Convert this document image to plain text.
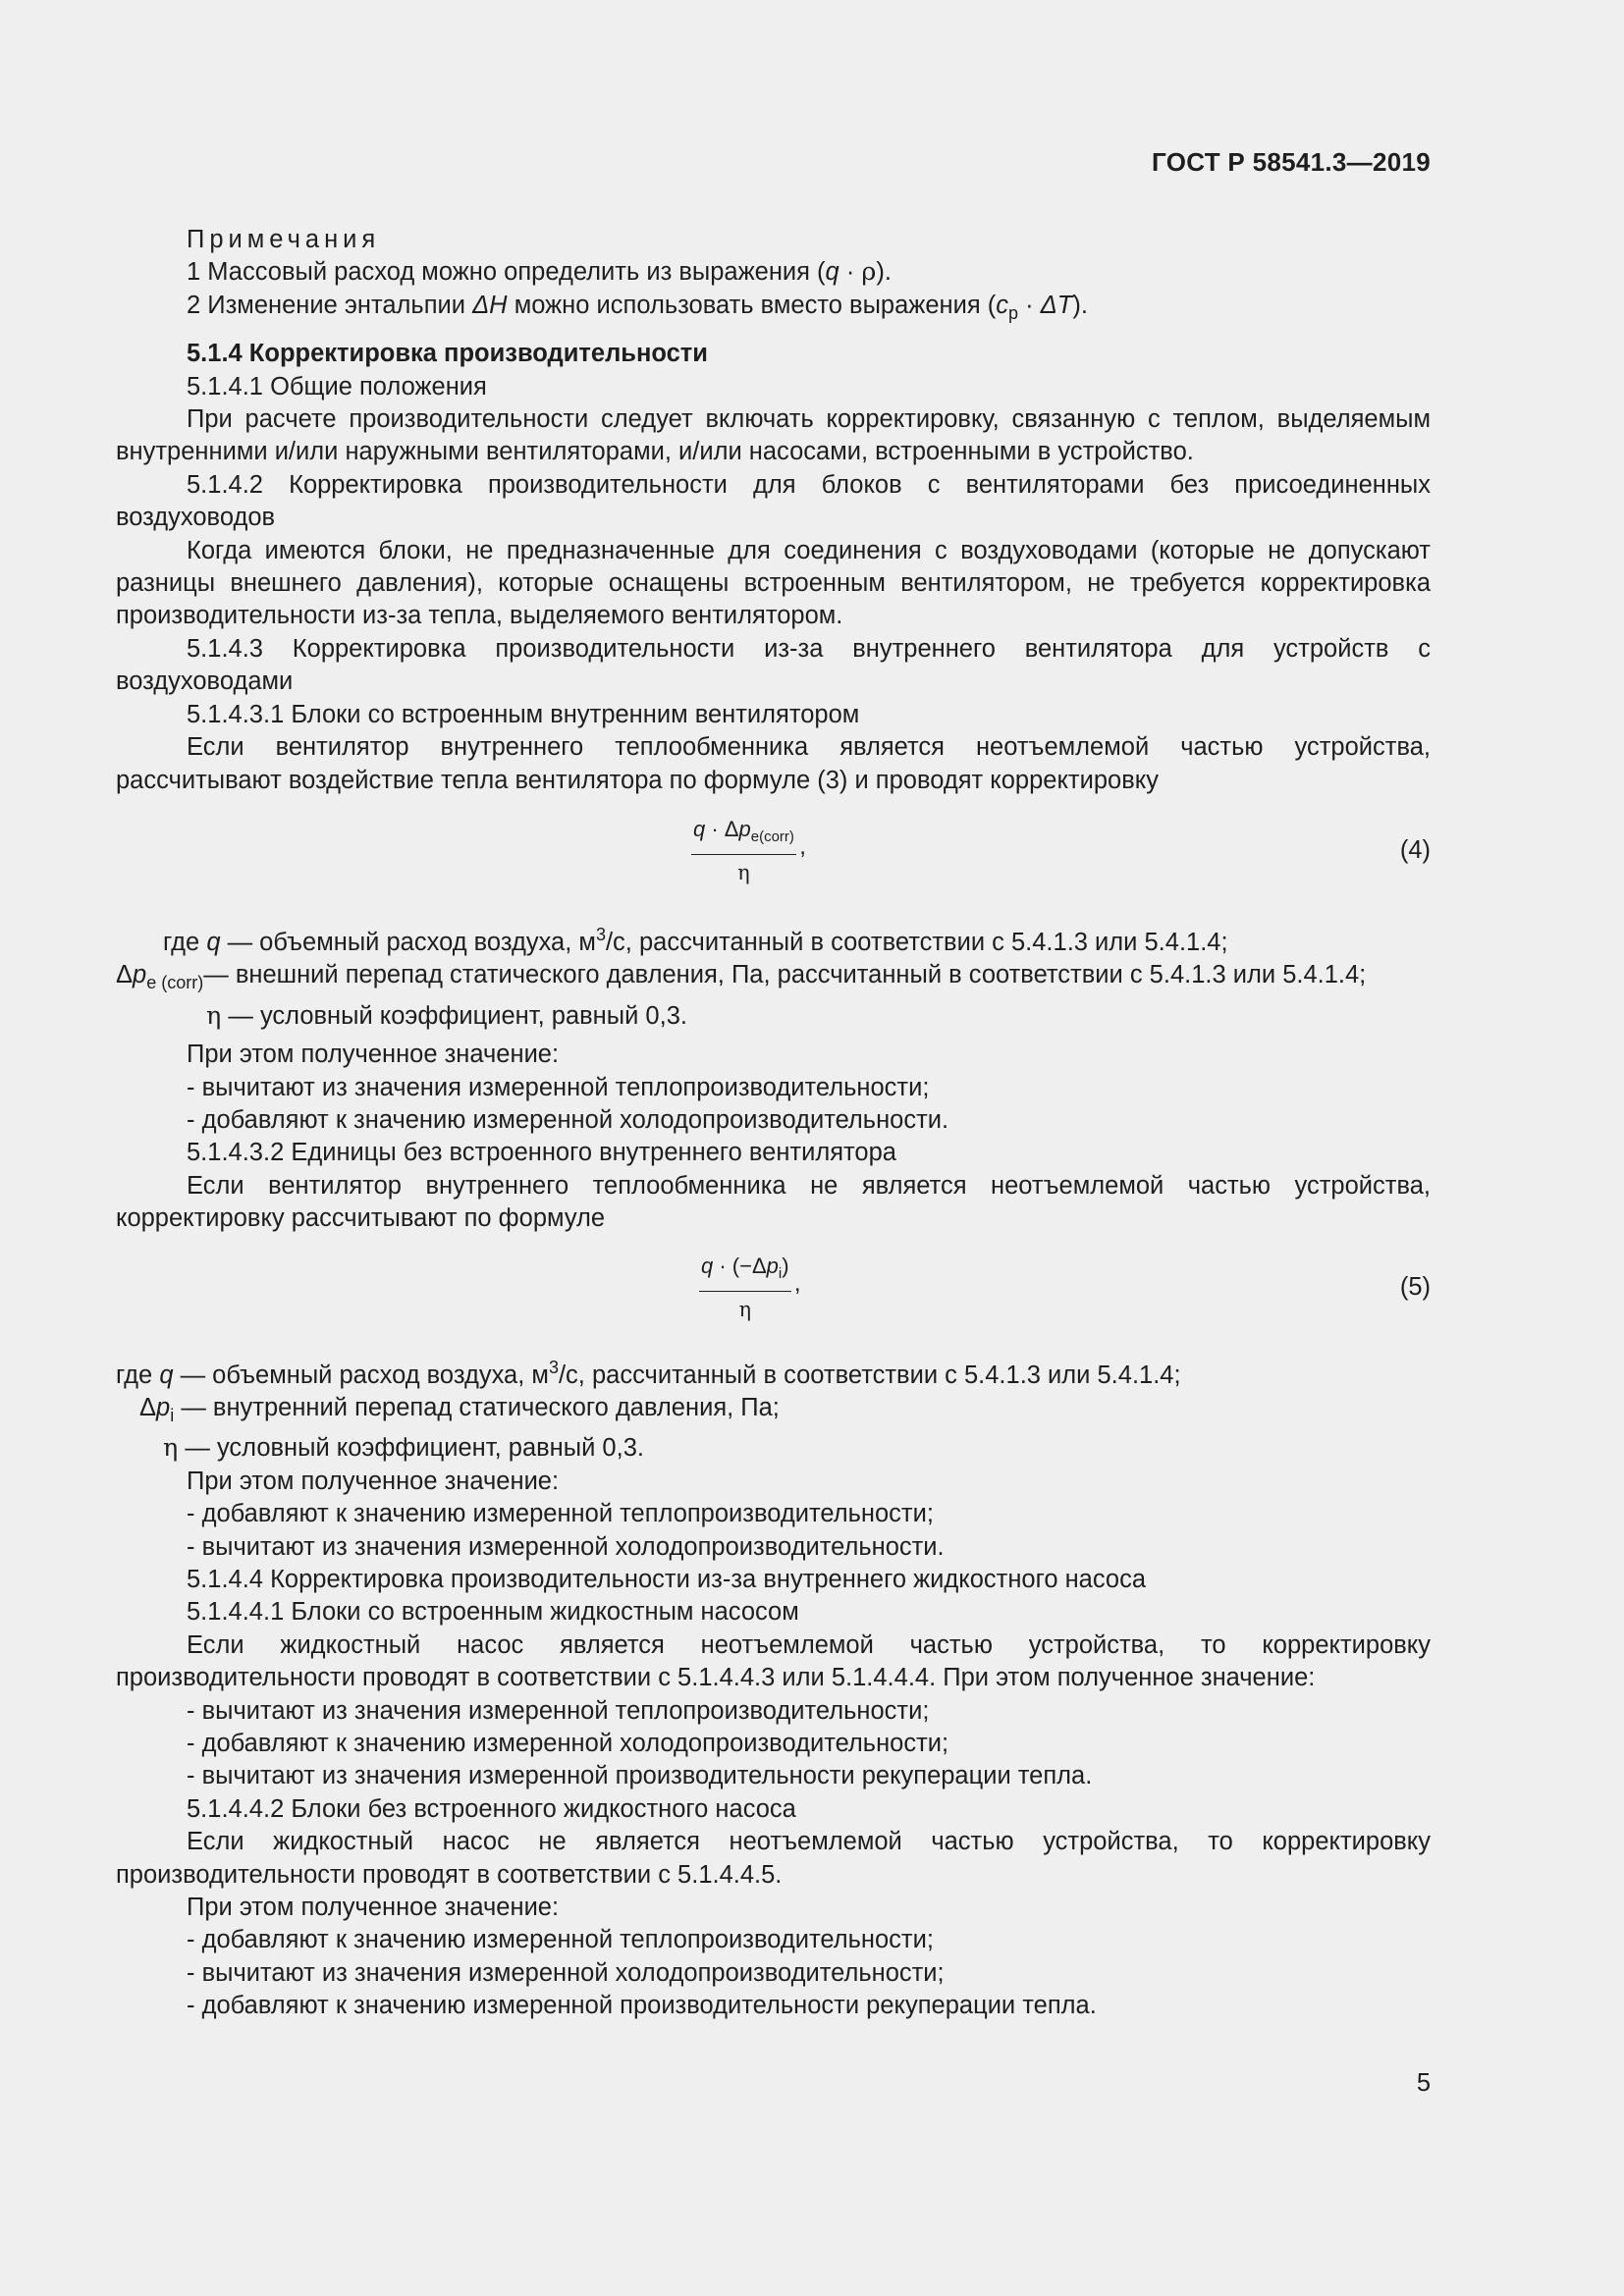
ГОСТ Р 58541.3—2019

Примечания

1 Массовый расход можно определить из выражения (q · ρ).

2 Изменение энтальпии ΔH можно использовать вместо выражения $(c_p \cdot \Delta T)$.

5.1.4 Корректировка производительности

5.1.4.1 Общие положения

При расчете производительности следует включать корректировку, связанную с теплом, выделяемым внутренними и/или наружными вентиляторами, и/или насосами, встроенными в устройство.

5.1.4.2 Корректировка производительности для блоков с вентиляторами без присоединенных воздуховодов

Когда имеются блоки, не предназначенные для соединения с воздуховодами (которые не допускают разницы внешнего давления), которые оснащены встроенным вентилятором, не требуется корректировка производительности из-за тепла, выделяемого вентилятором.

5.1.4.3 Корректировка производительности из-за внутреннего вентилятора для устройств с воздуховодами

5.1.4.3.1 Блоки со встроенным внутренним вентилятором

Если вентилятор внутреннего теплообменника является неотъемлемой частью устройства, рассчитывают воздействие тепла вентилятора по формуле (3) и проводят корректировку

$q \cdot \Delta p_{e(corr)}$
η
,	(4)

где q — объемный расход воздуха, $м^3/с$, рассчитанный в соответствии с 5.4.1.3 или 5.4.1.4;

$\Delta p_{e (corr)}$ — внешний перепад статического давления, Па, рассчитанный в соответствии с 5.4.1.3 или 5.4.1.4;

η — условный коэффициент, равный 0,3.

При этом полученное значение:

- вычитают из значения измеренной теплопроизводительности;

- добавляют к значению измеренной холодопроизводительности.

5.1.4.3.2 Единицы без встроенного внутреннего вентилятора

Если вентилятор внутреннего теплообменника не является неотъемлемой частью устройства, корректировку рассчитывают по формуле

$q \cdot (-\Delta p_i)$
η
,	(5)

где q — объемный расход воздуха, $м^3/с$, рассчитанный в соответствии с 5.4.1.3 или 5.4.1.4;

$\Delta p_i$ — внутренний перепад статического давления, Па;

η — условный коэффициент, равный 0,3.

При этом полученное значение:

- добавляют к значению измеренной теплопроизводительности;

- вычитают из значения измеренной холодопроизводительности.

5.1.4.4 Корректировка производительности из-за внутреннего жидкостного насоса

5.1.4.4.1 Блоки со встроенным жидкостным насосом

Если жидкостный насос является неотъемлемой частью устройства, то корректировку производительности проводят в соответствии с 5.1.4.4.3 или 5.1.4.4.4. При этом полученное значение:

- вычитают из значения измеренной теплопроизводительности;

- добавляют к значению измеренной холодопроизводительности;

- вычитают из значения измеренной производительности рекуперации тепла.

5.1.4.4.2 Блоки без встроенного жидкостного насоса

Если жидкостный насос не является неотъемлемой частью устройства, то корректировку производительности проводят в соответствии с 5.1.4.4.5.

При этом полученное значение:

- добавляют к значению измеренной теплопроизводительности;

- вычитают из значения измеренной холодопроизводительности;

- добавляют к значению измеренной производительности рекуперации тепла.

5
